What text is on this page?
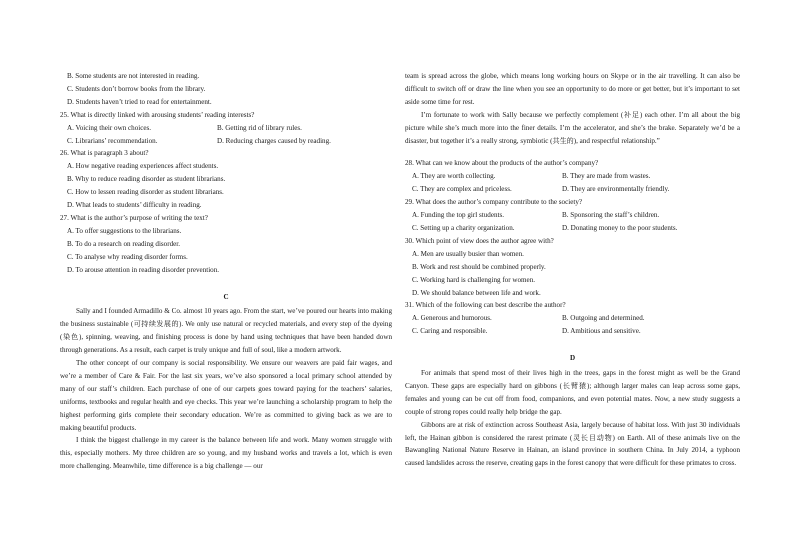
B. Some students are not interested in reading.
C. Students don’t borrow books from the library.
D. Students haven’t tried to read for entertainment.
25. What is directly linked with arousing students’ reading interests?
A. Voicing their own choices.	B. Getting rid of library rules.
C. Librarians’ recommendation.	D. Reducing charges caused by reading.
26. What is paragraph 3 about?
A. How negative reading experiences affect students.
B. Why to reduce reading disorder as student librarians.
C. How to lessen reading disorder as student librarians.
D. What leads to students’ difficulty in reading.
27. What is the author’s purpose of writing the text?
A. To offer suggestions to the librarians.
B. To do a research on reading disorder.
C. To analyse why reading disorder forms.
D. To arouse attention in reading disorder prevention.
C

Sally and I founded Armadillo & Co. almost 10 years ago. From the start, we’ve poured our hearts into making the business sustainable (可持续发展的). We only use natural or recycled materials, and every step of the dyeing (染色), spinning, weaving, and finishing process is done by hand using techniques that have been handed down through generations. As a result, each carpet is truly unique and full of soul, like a modern artwork.

The other concept of our company is social responsibility. We ensure our weavers are paid fair wages, and we’re a member of Care & Fair. For the last six years, we’ve also sponsored a local primary school attended by many of our staff’s children. Each purchase of one of our carpets goes toward paying for the teachers’ salaries, uniforms, textbooks and regular health and eye checks. This year we’re launching a scholarship program to help the highest performing girls complete their secondary education. We’re as committed to giving back as we are to making beautiful products.

I think the biggest challenge in my career is the balance between life and work. Many women struggle with this, especially mothers. My three children are so young, and my husband works and travels a lot, which is even more challenging. Meanwhile, time difference is a big challenge — our

team is spread across the globe, which means long working hours on Skype or in the air travelling. It can also be difficult to switch off or draw the line when you see an opportunity to do more or get better, but it’s important to set aside some time for rest.

I’m fortunate to work with Sally because we perfectly complement (补足) each other. I’m all about the big picture while she’s much more into the finer details. I’m the accelerator, and she’s the brake. Separately we’d be a disaster, but together it’s a really strong, symbiotic (共生的), and respectful relationship.”

28. What can we know about the products of the author’s company?
A. They are worth collecting.	B. They are made from wastes.
C. They are complex and priceless.	D. They are environmentally friendly.
29. What does the author’s company contribute to the society?
A. Funding the top girl students.	B. Sponsoring the staff’s children.
C. Setting up a charity organization.	D. Donating money to the poor students.
30. Which point of view does the author agree with?
A. Men are usually busier than women.
B. Work and rest should be combined properly.
C. Working hard is challenging for women.
D. We should balance between life and work.
31. Which of the following can best describe the author?
A. Generous and humorous.	B. Outgoing and determined.
C. Caring and responsible.	D. Ambitious and sensitive.
D

For animals that spend most of their lives high in the trees, gaps in the forest might as well be the Grand Canyon. These gaps are especially hard on gibbons (长臂猿); although larger males can leap across some gaps, females and young can be cut off from food, companions, and even potential mates. Now, a new study suggests a couple of strong ropes could really help bridge the gap.

Gibbons are at risk of extinction across Southeast Asia, largely because of habitat loss. With just 30 individuals left, the Hainan gibbon is considered the rarest primate (灵长目动物) on Earth. All of these animals live on the Bawangling National Nature Reserve in Hainan, an island province in southern China. In July 2014, a typhoon caused landslides across the reserve, creating gaps in the forest canopy that were difficult for these primates to cross.
